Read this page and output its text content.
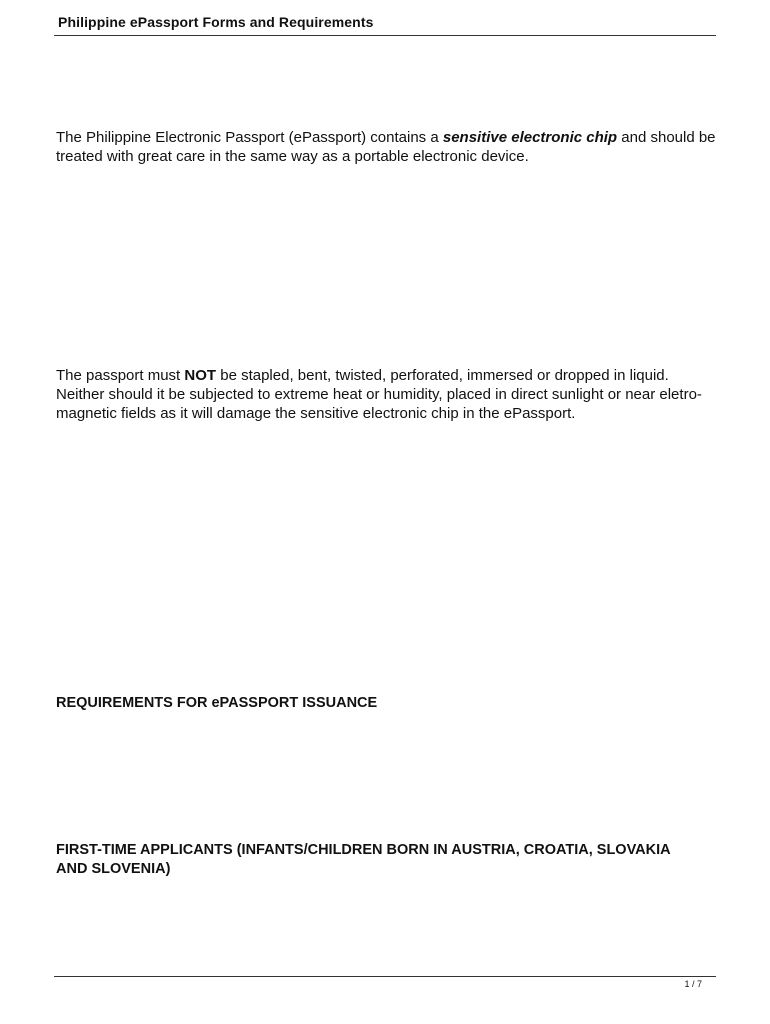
Philippine ePassport Forms and Requirements
The Philippine Electronic Passport (ePassport) contains a sensitive electronic chip and should be treated with great care in the same way as a portable electronic device.
The passport must NOT be stapled, bent, twisted, perforated, immersed or dropped in liquid. Neither should it be subjected to extreme heat or humidity, placed in direct sunlight or near eletro-magnetic fields as it will damage the sensitive electronic chip in the ePassport.
REQUIREMENTS FOR ePASSPORT ISSUANCE
FIRST-TIME APPLICANTS (INFANTS/CHILDREN BORN IN AUSTRIA, CROATIA, SLOVAKIA AND SLOVENIA)
1 / 7
